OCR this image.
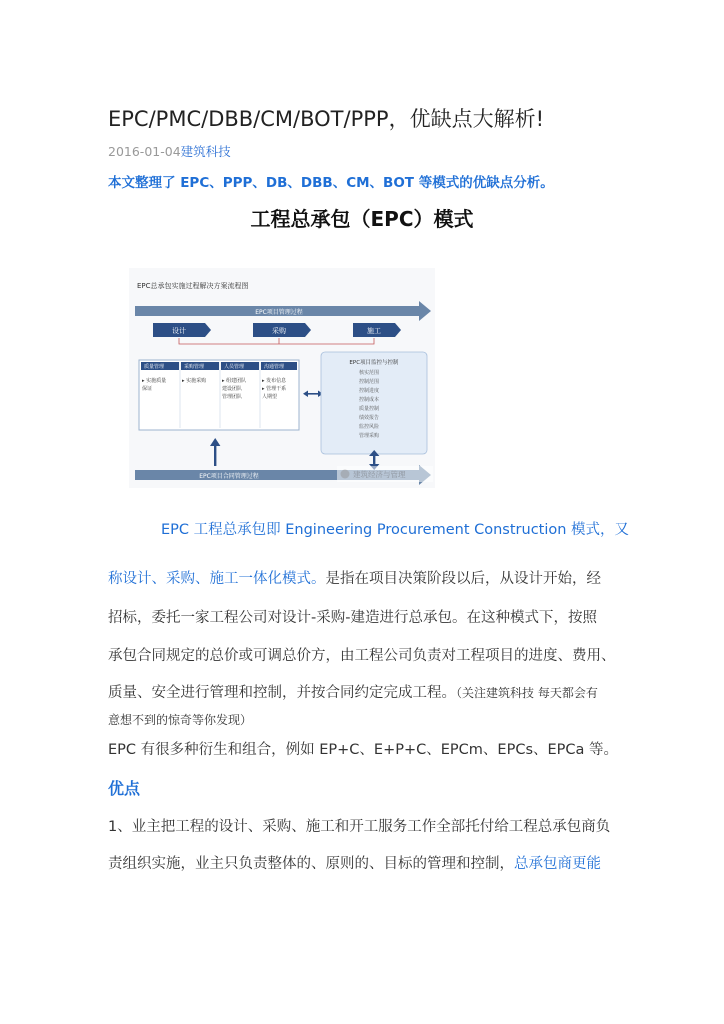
EPC/PMC/DBB/CM/BOT/PPP，优缺点大解析!
2016-01-04建筑科技
本文整理了 EPC、PPP、DB、DBB、CM、BOT 等模式的优缺点分析。
工程总承包（EPC）模式
EPC总承包实施过程解决方案流程图
EPC项目管理过程
设计	采购	施工
质量管理
▸ 实施质量
保证
采购管理
▸ 实施采购
人员管理
▸ 组建团队
建设团队
管理团队
沟通管理
▸ 发布信息
▸ 管理干系
人期望
EPC项目监控与控制
核实范围
控制范围
控制进度
控制成本
质量控制
绩效报告
监控风险
管理采购
EPC项目合同管理过程	建筑经济与管理
EPC 工程总承包即 Engineering Procurement Construction 模式，又
称设计、采购、施工一体化模式。是指在项目决策阶段以后，从设计开始，经
招标，委托一家工程公司对设计-采购-建造进行总承包。在这种模式下，按照
承包合同规定的总价或可调总价方，由工程公司负责对工程项目的进度、费用、
质量、安全进行管理和控制，并按合同约定完成工程。（关注建筑科技 每天都会有
意想不到的惊奇等你发现）
EPC 有很多种衍生和组合，例如 EP+C、E+P+C、EPCm、EPCs、EPCa 等。
优点
1、业主把工程的设计、采购、施工和开工服务工作全部托付给工程总承包商负
责组织实施，业主只负责整体的、原则的、目标的管理和控制，总承包商更能
